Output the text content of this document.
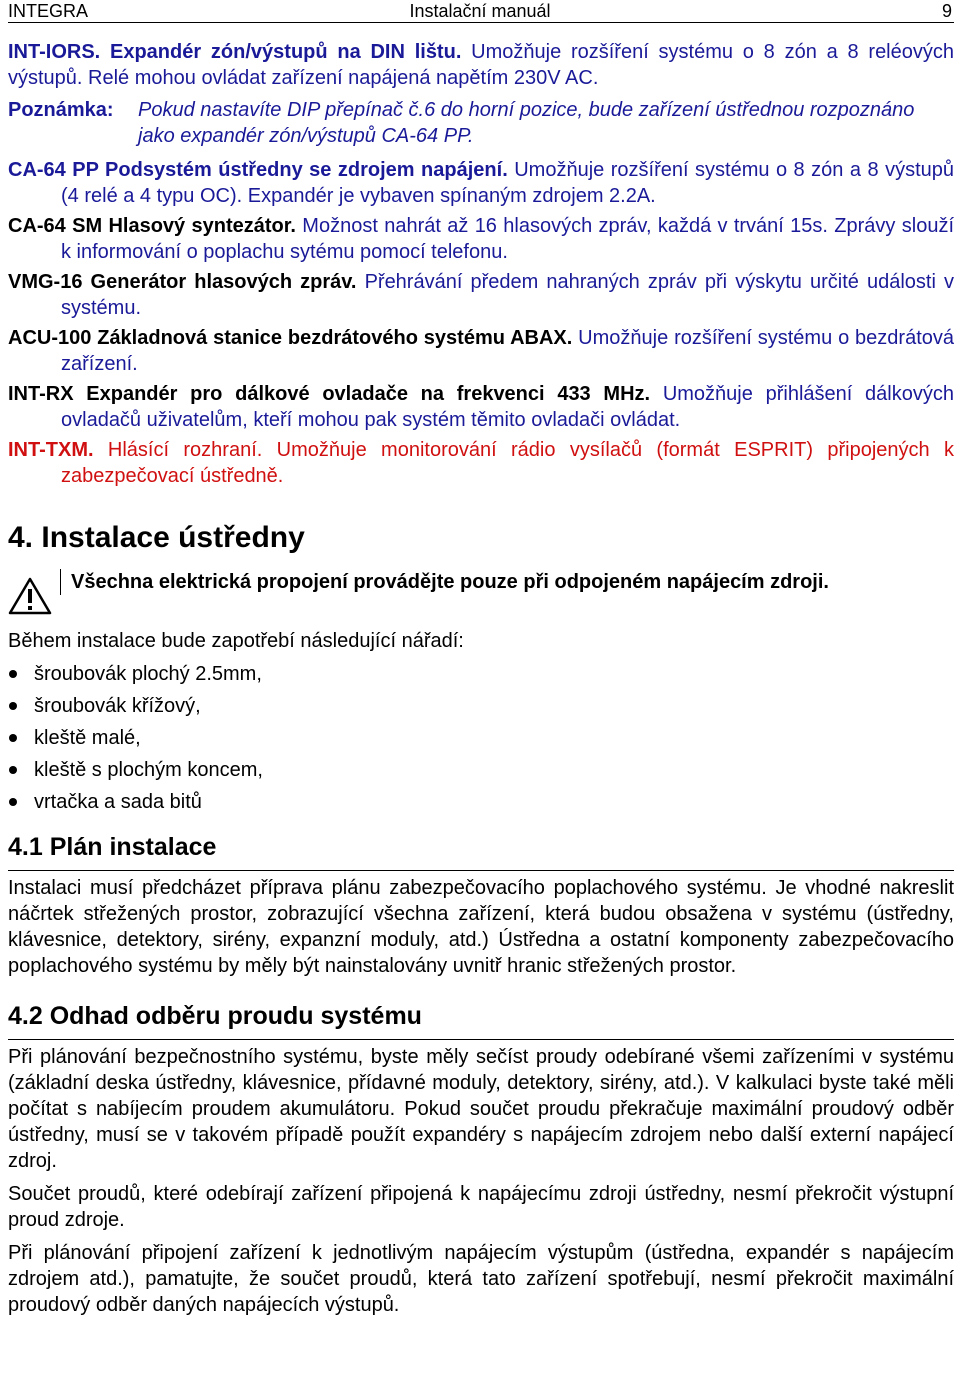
INTEGRA	Instalační manuál	9
INT-IORS. Expandér zón/výstupů na DIN lištu. Umožňuje rozšíření systému o 8 zón a 8 reléových výstupů. Relé mohou ovládat zařízení napájená napětím 230V AC.
Poznámka:	Pokud nastavíte DIP přepínač č.6 do horní pozice, bude zařízení ústřednou rozpoznáno jako expandér zón/výstupů CA-64 PP.
CA-64 PP Podsystém ústředny se zdrojem napájení. Umožňuje rozšíření systému o 8 zón a 8 výstupů (4 relé a 4 typu OC). Expandér je vybaven spínaným zdrojem 2.2A.
CA-64 SM Hlasový syntezátor. Možnost nahrát až 16 hlasových zpráv, každá v trvání 15s. Zprávy slouží k informování o poplachu sytému pomocí telefonu.
VMG-16 Generátor hlasových zpráv. Přehrávání předem nahraných zpráv při výskytu určité události v systému.
ACU-100 Základnová stanice bezdrátového systému ABAX. Umožňuje rozšíření systému o bezdrátová zařízení.
INT-RX Expandér pro dálkové ovladače na frekvenci 433 MHz. Umožňuje přihlášení dálkových ovladačů uživatelům, kteří mohou pak systém těmito ovladači ovládat.
INT-TXM. Hlásící rozhraní. Umožňuje monitorování rádio vysílačů (formát ESPRIT) připojených k zabezpečovací ústředně.
4. Instalace ústředny
Všechna elektrická propojení provádějte pouze při odpojeném napájecím zdroji.
Během instalace bude zapotřebí následující nářadí:
šroubovák plochý 2.5mm,
šroubovák křížový,
kleště malé,
kleště s plochým koncem,
vrtačka a sada bitů
4.1 Plán instalace
Instalaci musí předcházet příprava plánu zabezpečovacího poplachového systému. Je vhodné nakreslit náčrtek střežených prostor, zobrazující všechna zařízení, která budou obsažena v systému (ústředny, klávesnice, detektory, sirény, expanzní moduly, atd.) Ústředna a ostatní komponenty zabezpečovacího poplachového systému by měly být nainstalovány uvnitř hranic střežených prostor.
4.2 Odhad odběru proudu systému
Při plánování bezpečnostního systému, byste měly sečíst proudy odebírané všemi zařízeními v systému (základní deska ústředny, klávesnice, přídavné moduly, detektory, sirény, atd.). V kalkulaci byste také měli počítat s nabíjecím proudem akumulátoru. Pokud součet proudu překračuje maximální proudový odběr ústředny, musí se v takovém případě použít expandéry s napájecím zdrojem nebo další externí napájecí zdroj.
Součet proudů, které odebírají zařízení připojená k napájecímu zdroji ústředny, nesmí překročit výstupní proud zdroje.
Při plánování připojení zařízení k jednotlivým napájecím výstupům (ústředna, expandér s napájecím zdrojem atd.), pamatujte, že součet proudů, která tato zařízení spotřebují, nesmí překročit maximální proudový odběr daných napájecích výstupů.
